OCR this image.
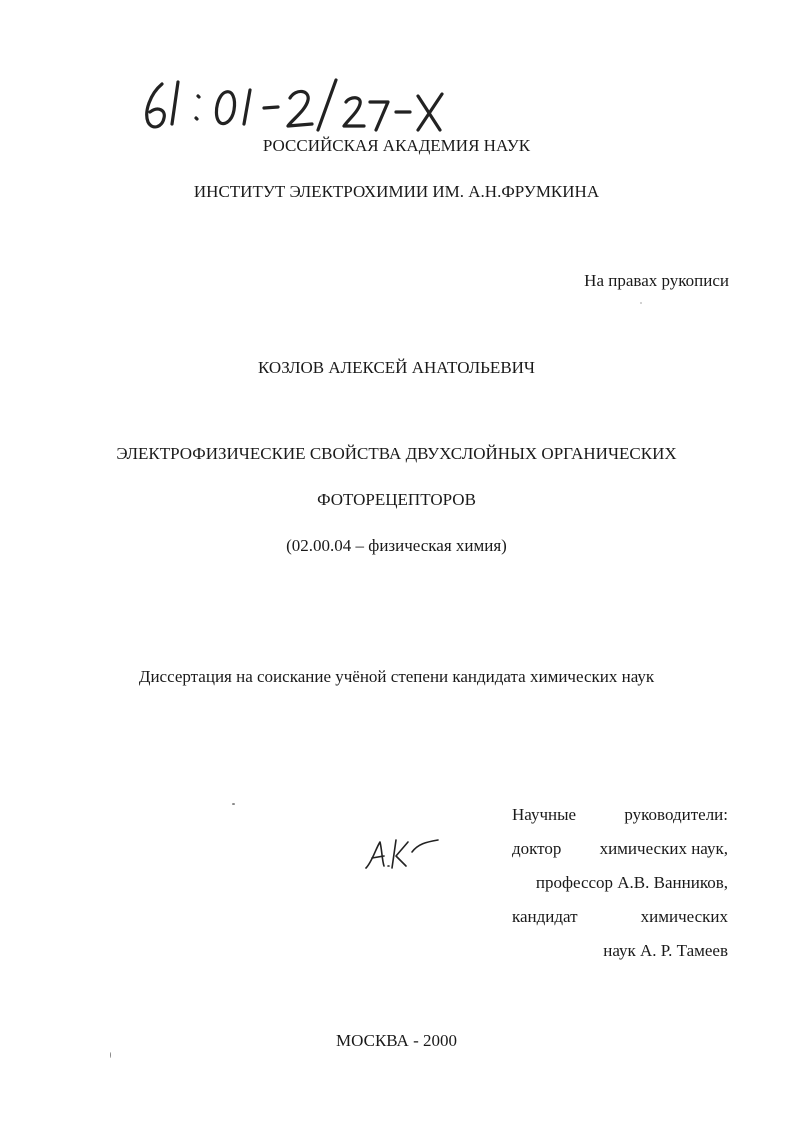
РОССИЙСКАЯ АКАДЕМИЯ НАУК
ИНСТИТУТ ЭЛЕКТРОХИМИИ ИМ. А.Н.ФРУМКИНА
На правах рукописи
КОЗЛОВ АЛЕКСЕЙ АНАТОЛЬЕВИЧ
ЭЛЕКТРОФИЗИЧЕСКИЕ СВОЙСТВА ДВУХСЛОЙНЫХ ОРГАНИЧЕСКИХ
ФОТОРЕЦЕПТОРОВ
(02.00.04 – физическая химия)
Диссертация на соискание учёной степени кандидата химических наук
Научные	руководители:
доктор химических наук,
профессор А.В. Ванников,
кандидат	химических
наук А. Р. Тамеев
МОСКВА - 2000
